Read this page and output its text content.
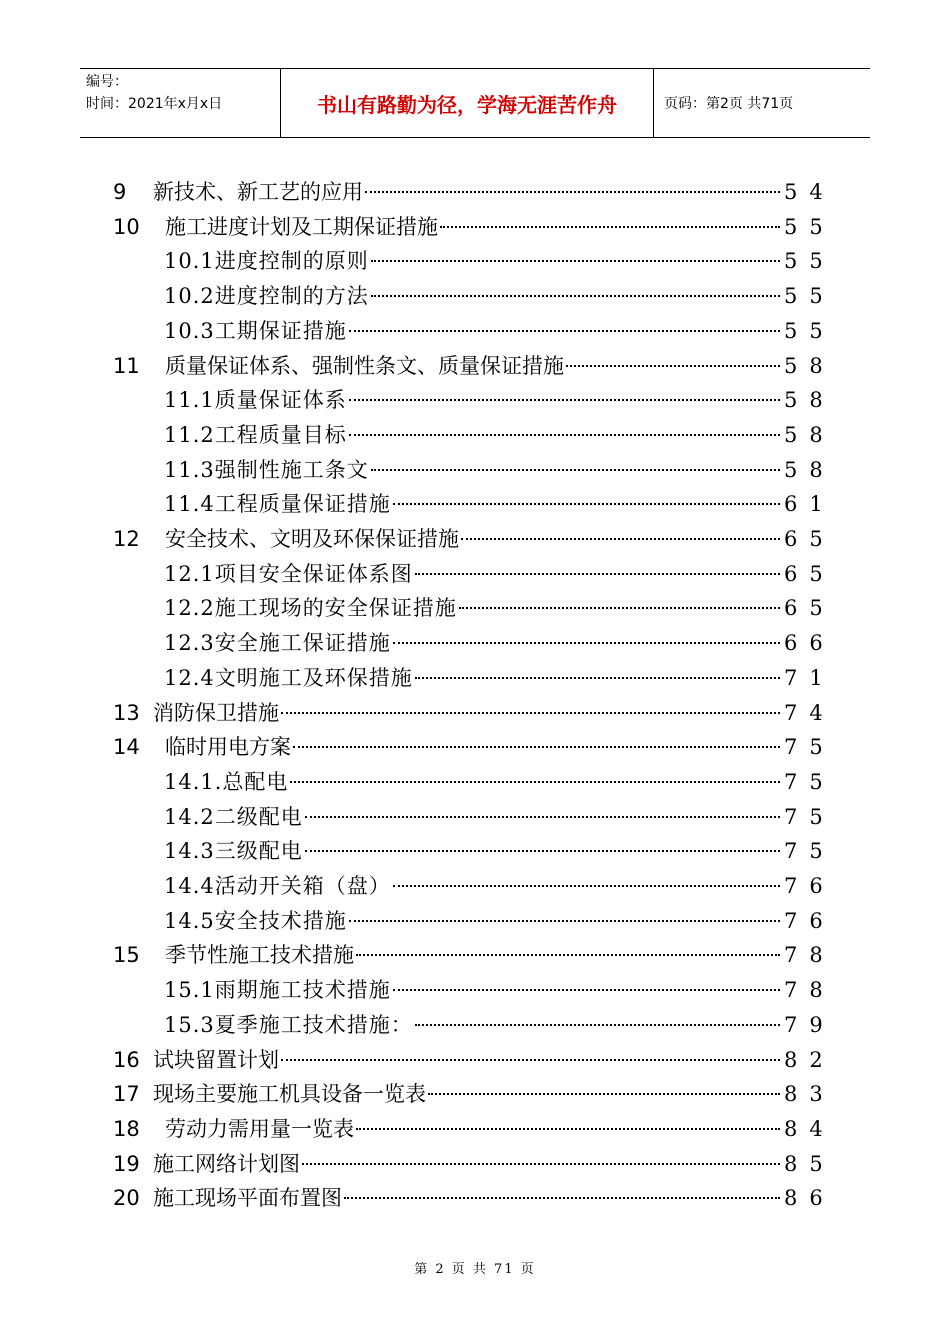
编号：
时间：2021年x月x日	书山有路勤为径，学海无涯苦作舟	页码：第2页 共71页
9	新技术、新工艺的应用	54
10	施工进度计划及工期保证措施	55
10.1 进度控制的原则	55
10.2 进度控制的方法	55
10.3 工期保证措施	55
11	质量保证体系、强制性条文、质量保证措施	58
11.1 质量保证体系	58
11.2 工程质量目标	58
11.3 强制性施工条文	58
11.4 工程质量保证措施	61
12	安全技术、文明及环保保证措施	65
12.1 项目安全保证体系图	65
12.2 施工现场的安全保证措施	65
12.3 安全施工保证措施	66
12.4 文明施工及环保措施	71
13 消防保卫措施	74
14	临时用电方案	75
14.1. 总配电	75
14.2 二级配电	75
14.3 三级配电	75
14.4 活动开关箱（盘）	76
14.5 安全技术措施	76
15	季节性施工技术措施	78
15.1 雨期施工技术措施	78
15.3 夏季施工技术措施：	79
16 试块留置计划	82
17 现场主要施工机具设备一览表	83
18	劳动力需用量一览表	84
19 施工网络计划图	85
20 施工现场平面布置图	86
第 2 页 共 71 页
